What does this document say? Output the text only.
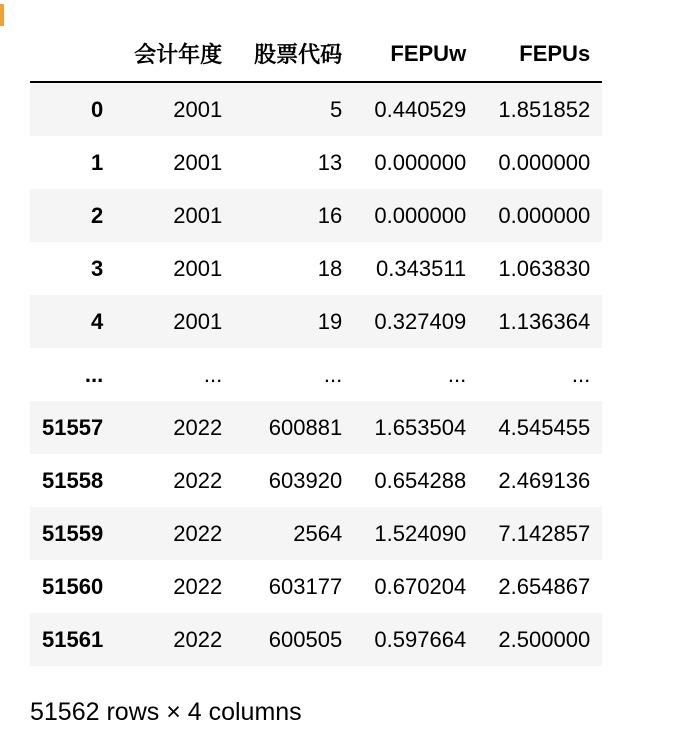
	会计年度	股票代码	FEPUw	FEPUs
0	2001	5	0.440529	1.851852
1	2001	13	0.000000	0.000000
2	2001	16	0.000000	0.000000
3	2001	18	0.343511	1.063830
4	2001	19	0.327409	1.136364
...	...	...	...	...
51557	2022	600881	1.653504	4.545455
51558	2022	603920	0.654288	2.469136
51559	2022	2564	1.524090	7.142857
51560	2022	603177	0.670204	2.654867
51561	2022	600505	0.597664	2.500000
51562 rows × 4 columns
